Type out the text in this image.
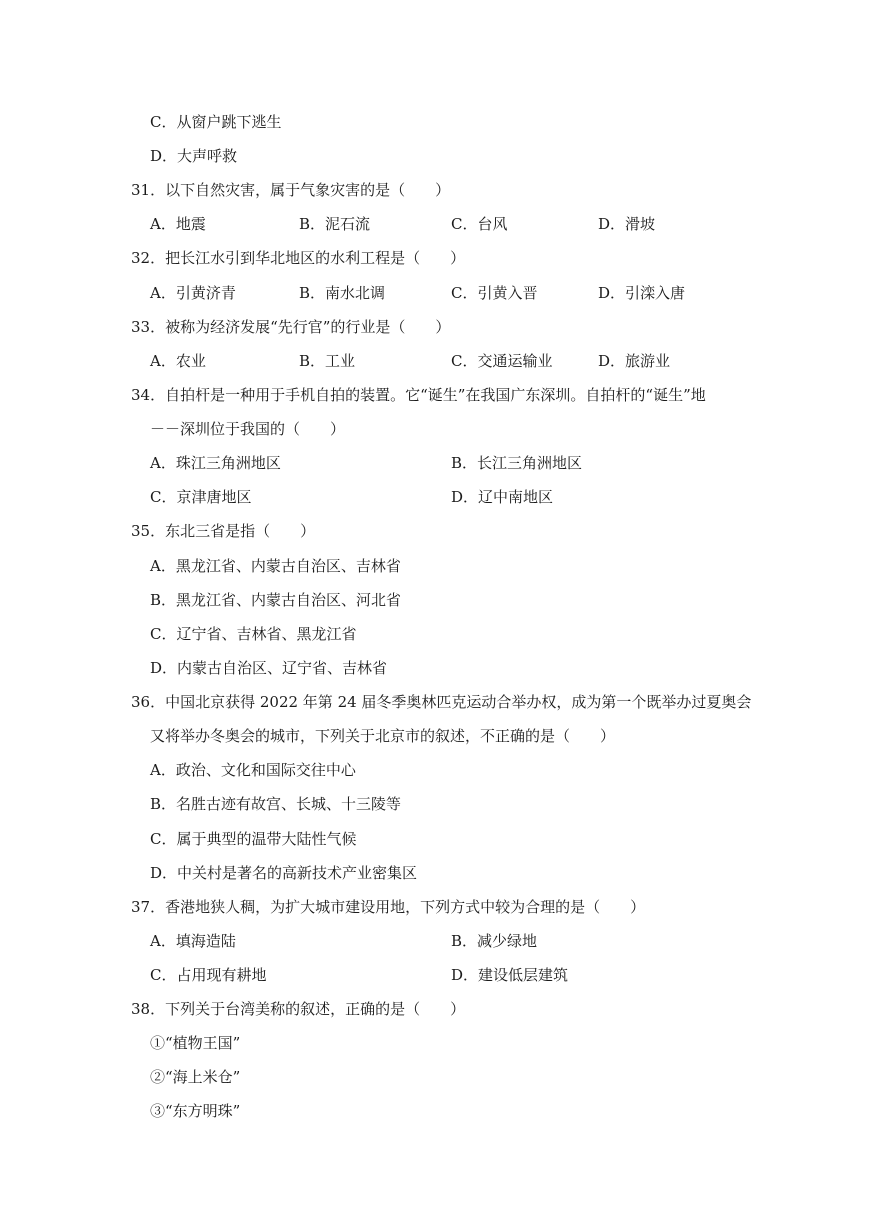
C．从窗户跳下逃生
D．大声呼救
31．以下自然灾害，属于气象灾害的是（　　）
A．地震	B．泥石流	C．台风	D．滑坡
32．把长江水引到华北地区的水利工程是（　　）
A．引黄济青	B．南水北调	C．引黄入晋	D．引滦入唐
33．被称为经济发展“先行官”的行业是（　　）
A．农业	B．工业	C．交通运输业	D．旅游业
34．自拍杆是一种用于手机自拍的装置。它“诞生”在我国广东深圳。自拍杆的“诞生”地
－－深圳位于我国的（　　）
A．珠江三角洲地区	B．长江三角洲地区
C．京津唐地区	D．辽中南地区
35．东北三省是指（　　）
A．黑龙江省、内蒙古自治区、吉林省
B．黑龙江省、内蒙古自治区、河北省
C．辽宁省、吉林省、黑龙江省
D．内蒙古自治区、辽宁省、吉林省
36．中国北京获得 2022 年第 24 届冬季奥林匹克运动合举办权，成为第一个既举办过夏奥会
又将举办冬奥会的城市，下列关于北京市的叙述，不正确的是（　　）
A．政治、文化和国际交往中心
B．名胜古迹有故宫、长城、十三陵等
C．属于典型的温带大陆性气候
D．中关村是著名的高新技术产业密集区
37．香港地狭人稠，为扩大城市建设用地，下列方式中较为合理的是（　　）
A．填海造陆	B．减少绿地
C．占用现有耕地	D．建设低层建筑
38．下列关于台湾美称的叙述，正确的是（　　）
①“植物王国”
②“海上米仓”
③“东方明珠”
